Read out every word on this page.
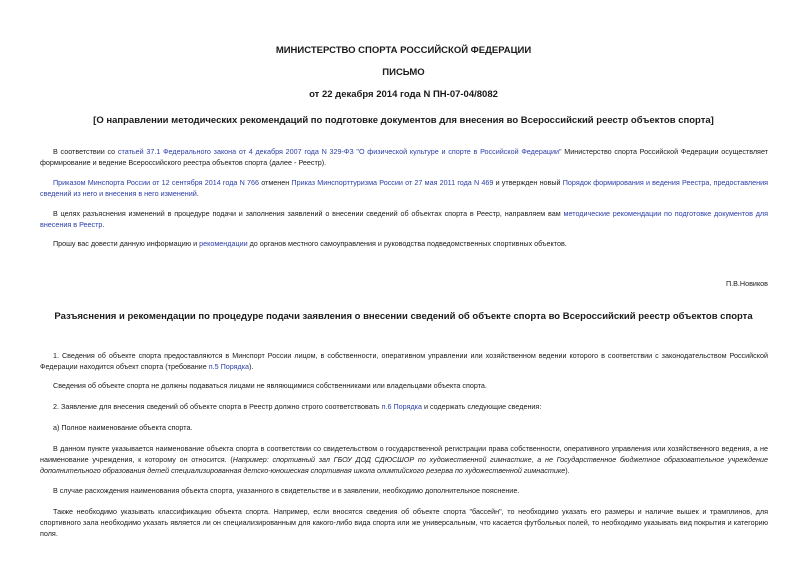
МИНИСТЕРСТВО СПОРТА РОССИЙСКОЙ ФЕДЕРАЦИИ
ПИСЬМО
от 22 декабря 2014 года N ПН-07-04/8082
[О направлении методических рекомендаций по подготовке документов для внесения во Всероссийский реестр объектов спорта]

В соответствии со статьей 37.1 Федерального закона от 4 декабря 2007 года N 329-ФЗ "О физической культуре и спорте в Российской Федерации" Министерство спорта Российской Федерации осуществляет формирование и ведение Всероссийского реестра объектов спорта (далее - Реестр).

Приказом Минспорта России от 12 сентября 2014 года N 766 отменен Приказ Минспорттуризма России от 27 мая 2011 года N 469 и утвержден новый Порядок формирования и ведения Реестра, предоставления сведений из него и внесения в него изменений.

В целях разъяснения изменений в процедуре подачи и заполнения заявлений о внесении сведений об объектах спорта в Реестр, направляем вам методические рекомендации по подготовке документов для внесения в Реестр.

Прошу вас довести данную информацию и рекомендации до органов местного самоуправления и руководства подведомственных спортивных объектов.

П.В.Новиков
Разъяснения и рекомендации по процедуре подачи заявления о внесении сведений об объекте спорта во Всероссийский реестр объектов спорта

1. Сведения об объекте спорта предоставляются в Минспорт России лицом, в собственности, оперативном управлении или хозяйственном ведении которого в соответствии с законодательством Российской Федерации находится объект спорта (требование п.5 Порядка).

Сведения об объекте спорта не должны подаваться лицами не являющимися собственниками или владельцами объекта спорта.

2. Заявление для внесения сведений об объекте спорта в Реестр должно строго соответствовать п.6 Порядка и содержать следующие сведения:

а) Полное наименование объекта спорта.

В данном пункте указывается наименование объекта спорта в соответствии со свидетельством о государственной регистрации права собственности, оперативного управления или хозяйственного ведения, а не наименование учреждения, к которому он относится. (Например: спортивный зал ГБОУ ДОД СДЮСШОР по художественной гимнастике, а не Государственное бюджетное образовательное учреждение дополнительного образования детей специализированная детско-юношеская спортивная школа олимпийского резерва по художественной гимнастике).

В случае расхождения наименования объекта спорта, указанного в свидетельстве и в заявлении, необходимо дополнительное пояснение.

Также необходимо указывать классификацию объекта спорта. Например, если вносятся сведения об объекте спорта "бассейн", то необходимо указать его размеры и наличие вышек и трамплинов, для спортивного зала необходимо указать является ли он специализированным для какого-либо вида спорта или же универсальным, что касается футбольных полей, то необходимо указывать вид покрытия и категорию поля.
